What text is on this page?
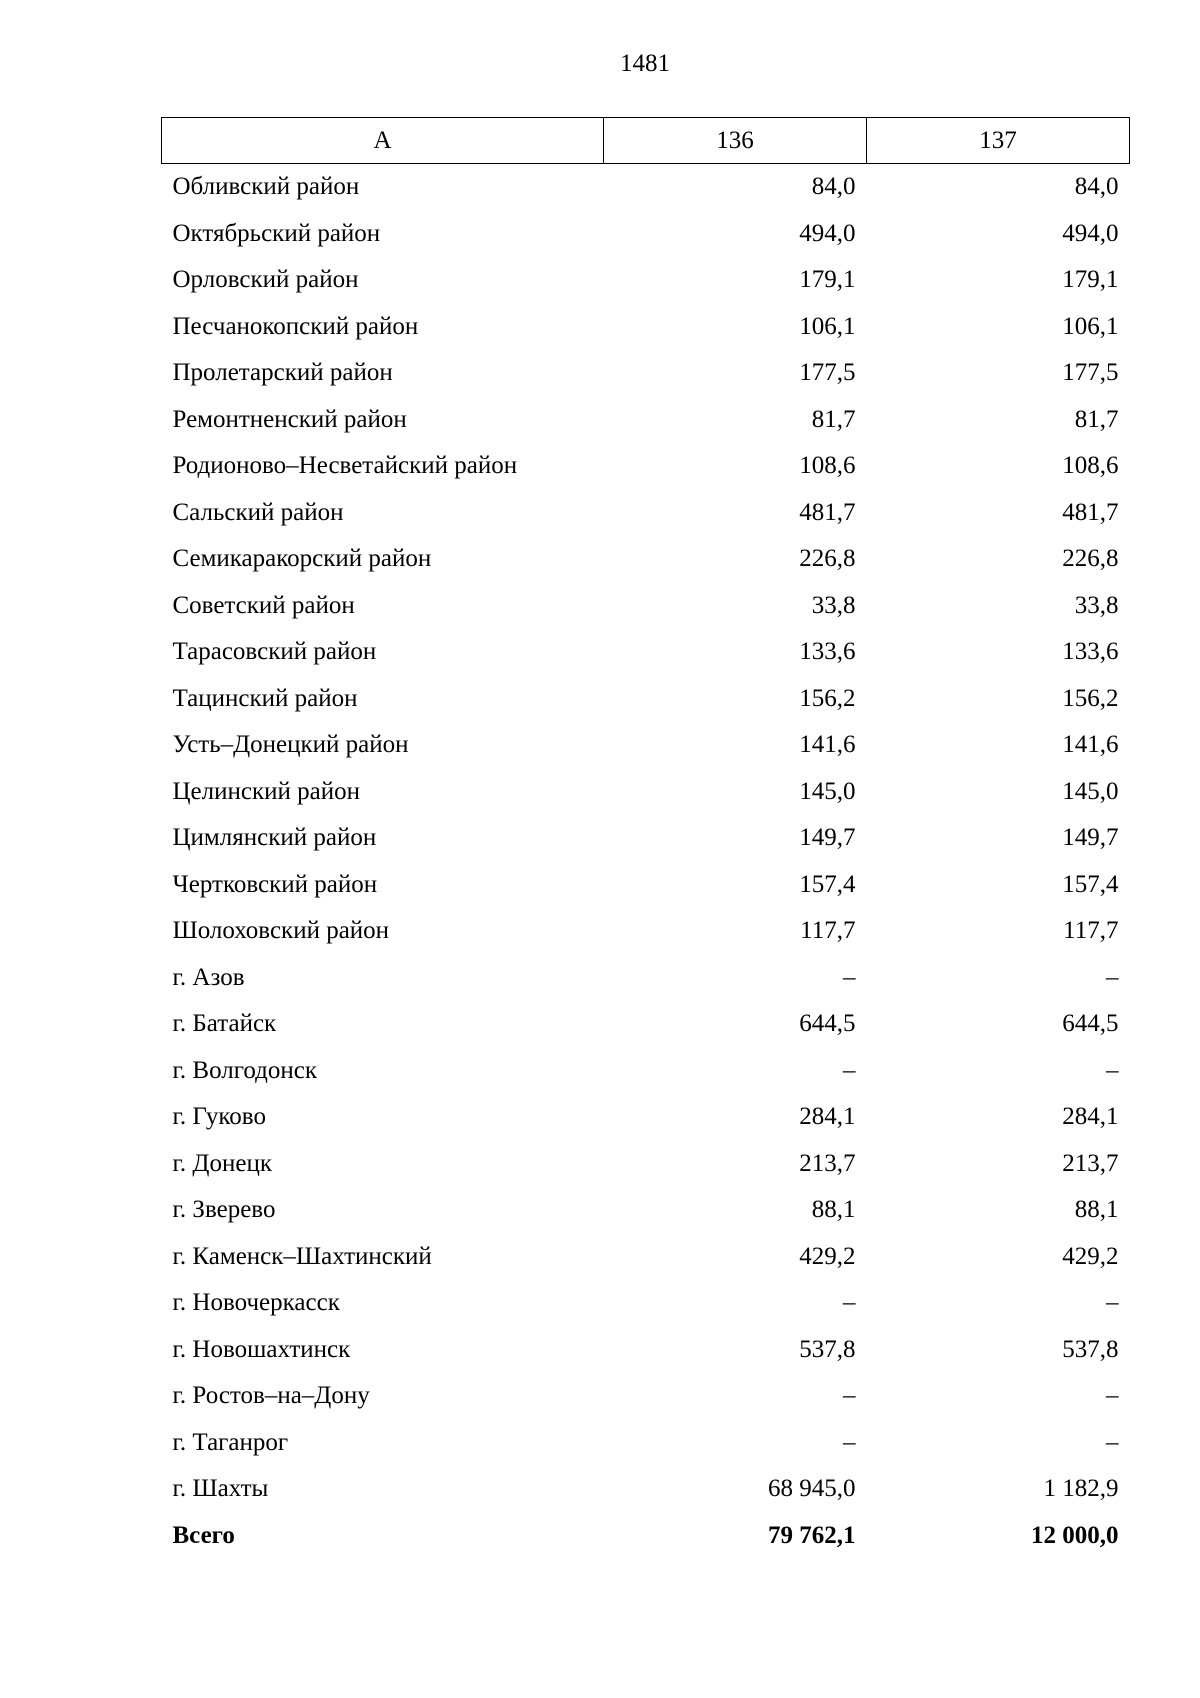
1481
А	136	137
Обливский район	84,0	84,0
Октябрьский район	494,0	494,0
Орловский район	179,1	179,1
Песчанокопский район	106,1	106,1
Пролетарский район	177,5	177,5
Ремонтненский район	81,7	81,7
Родионово–Несветайский район	108,6	108,6
Сальский район	481,7	481,7
Семикаракорский район	226,8	226,8
Советский район	33,8	33,8
Тарасовский район	133,6	133,6
Тацинский район	156,2	156,2
Усть–Донецкий район	141,6	141,6
Целинский район	145,0	145,0
Цимлянский район	149,7	149,7
Чертковский район	157,4	157,4
Шолоховский район	117,7	117,7
г. Азов	–	–
г. Батайск	644,5	644,5
г. Волгодонск	–	–
г. Гуково	284,1	284,1
г. Донецк	213,7	213,7
г. Зверево	88,1	88,1
г. Каменск–Шахтинский	429,2	429,2
г. Новочеркасск	–	–
г. Новошахтинск	537,8	537,8
г. Ростов–на–Дону	–	–
г. Таганрог	–	–
г. Шахты	68 945,0	1 182,9
Всего	79 762,1	12 000,0
